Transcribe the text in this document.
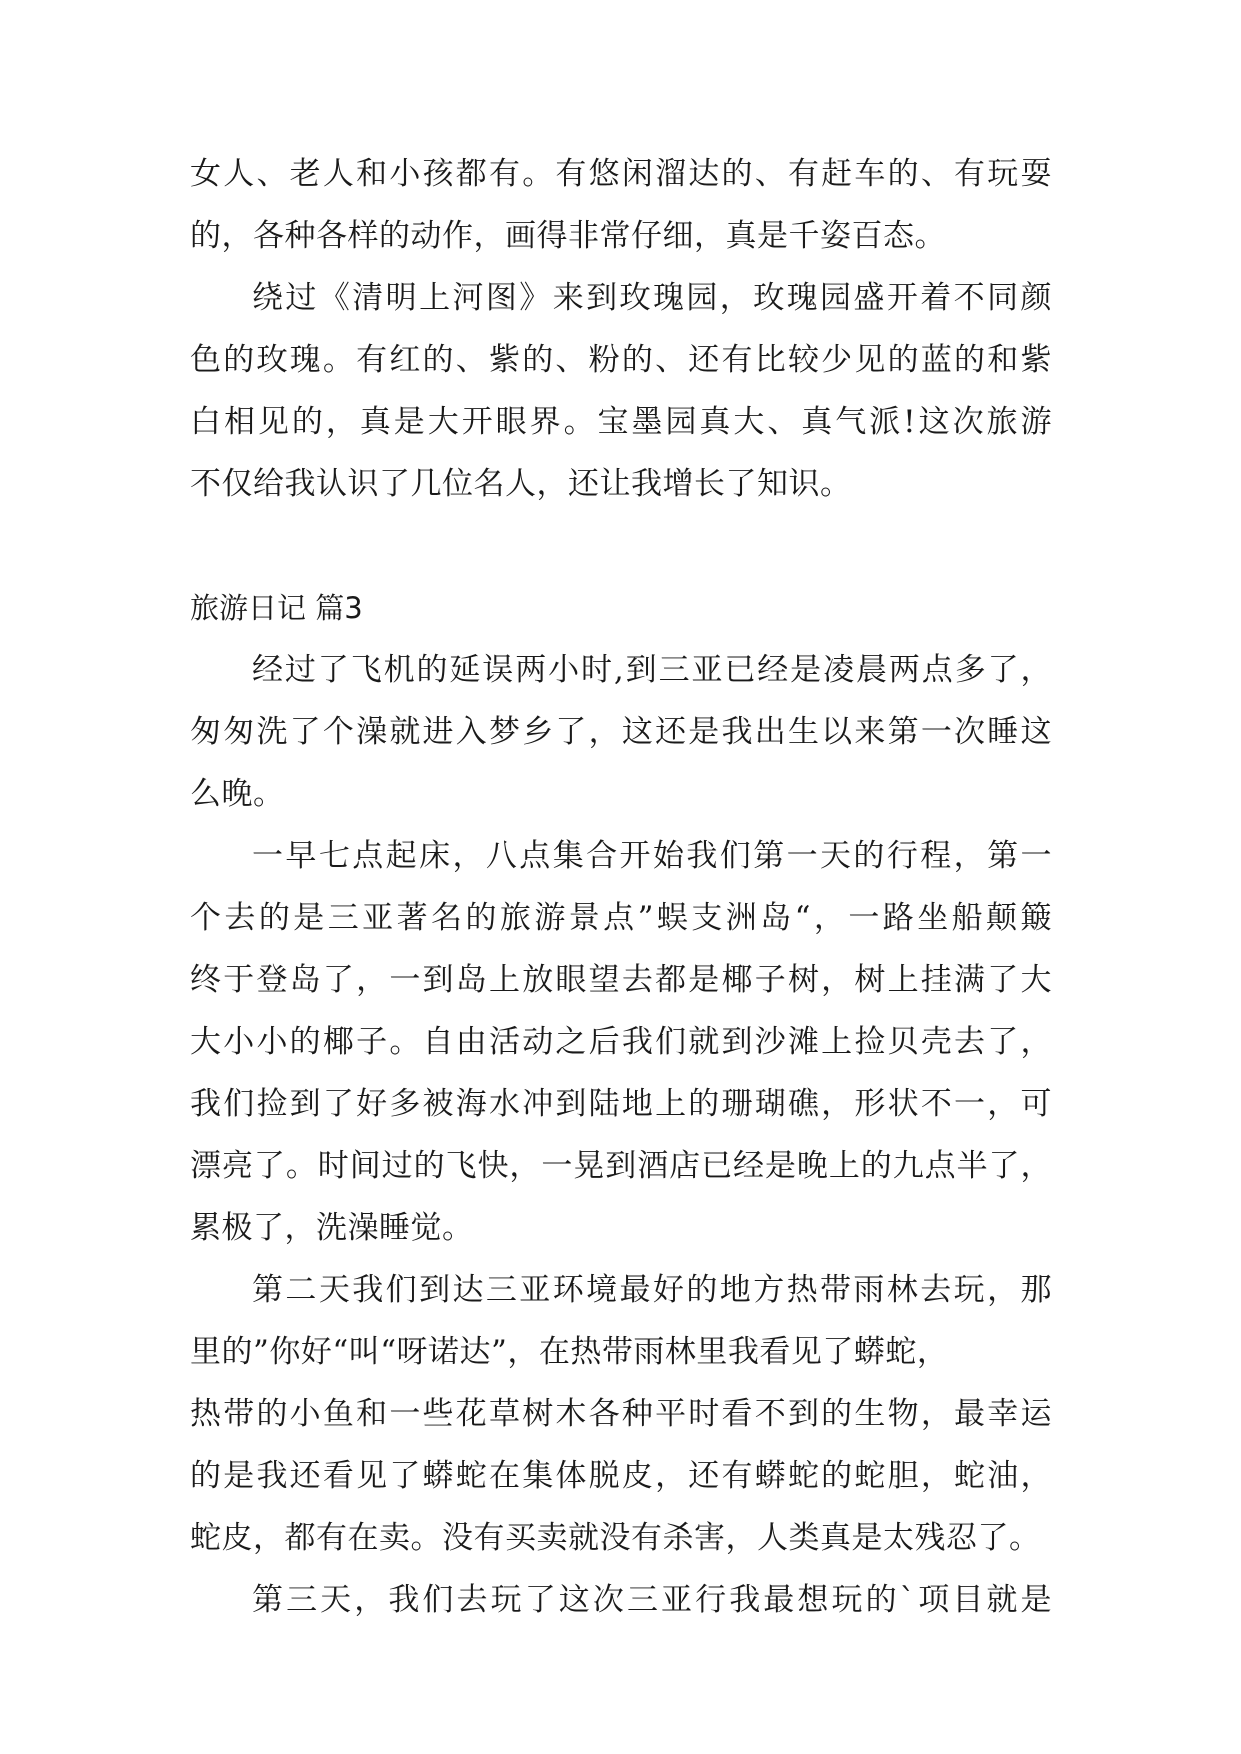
女人、老人和小孩都有。有悠闲溜达的、有赶车的、有玩耍
的，各种各样的动作，画得非常仔细，真是千姿百态。
绕过《清明上河图》来到玫瑰园，玫瑰园盛开着不同颜
色的玫瑰。有红的、紫的、粉的、还有比较少见的蓝的和紫
白相见的，真是大开眼界。宝墨园真大、真气派!这次旅游
不仅给我认识了几位名人，还让我增长了知识。
旅游日记 篇3
经过了飞机的延误两小时,到三亚已经是凌晨两点多了，
匆匆洗了个澡就进入梦乡了，这还是我出生以来第一次睡这
么晚。
一早七点起床，八点集合开始我们第一天的行程，第一
个去的是三亚著名的旅游景点”蜈支洲岛“，一路坐船颠簸
终于登岛了，一到岛上放眼望去都是椰子树，树上挂满了大
大小小的椰子。自由活动之后我们就到沙滩上捡贝壳去了，
我们捡到了好多被海水冲到陆地上的珊瑚礁，形状不一，可
漂亮了。时间过的飞快，一晃到酒店已经是晚上的九点半了，
累极了，洗澡睡觉。
第二天我们到达三亚环境最好的地方热带雨林去玩，那
里的”你好“叫“呀诺达”，在热带雨林里我看见了蟒蛇，
热带的小鱼和一些花草树木各种平时看不到的生物，最幸运
的是我还看见了蟒蛇在集体脱皮，还有蟒蛇的蛇胆，蛇油，
蛇皮，都有在卖。没有买卖就没有杀害，人类真是太残忍了。
第三天，我们去玩了这次三亚行我最想玩的`项目就是
